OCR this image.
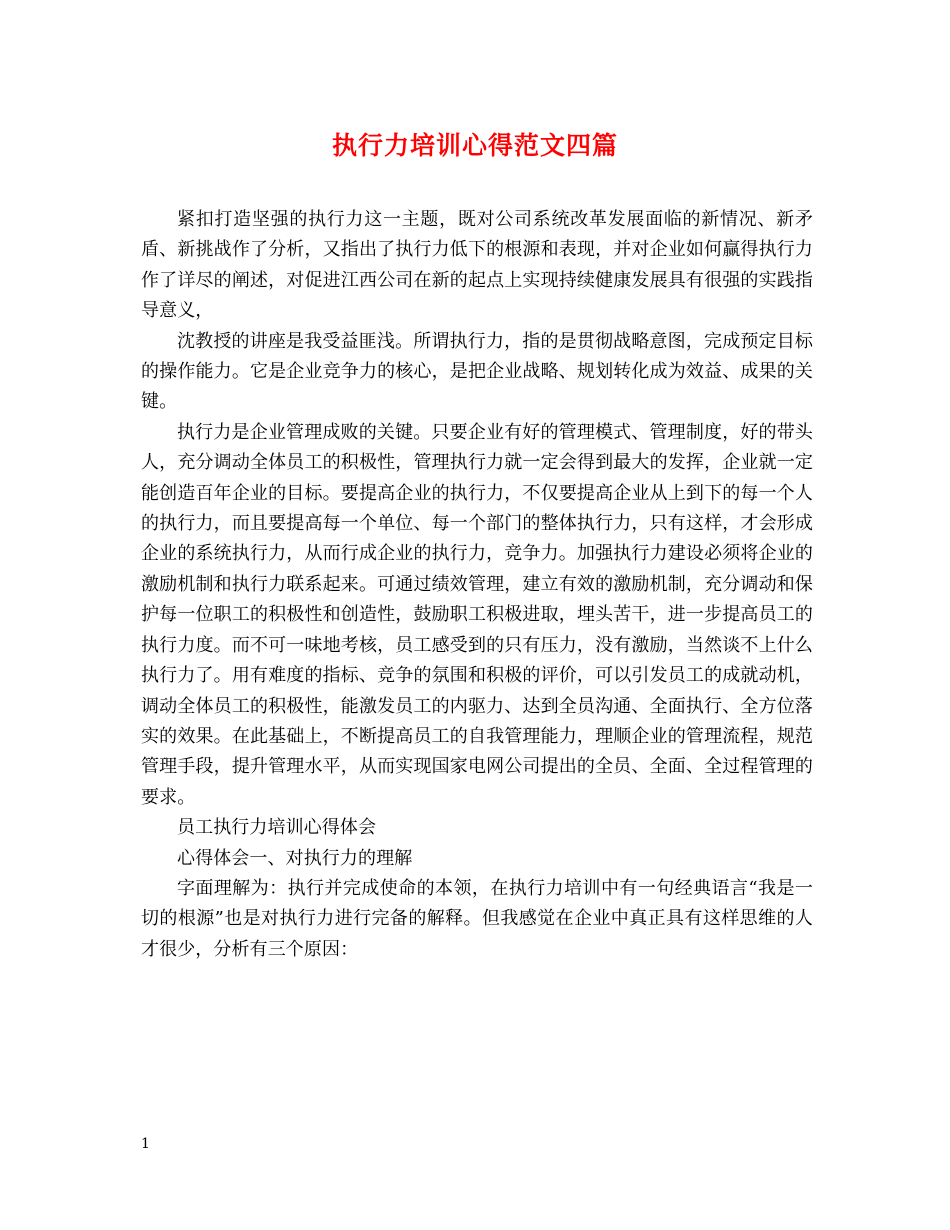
执行力培训心得范文四篇

紧扣打造坚强的执行力这一主题，既对公司系统改革发展面临的新情况、新矛盾、新挑战作了分析，又指出了执行力低下的根源和表现，并对企业如何赢得执行力作了详尽的阐述，对促进江西公司在新的起点上实现持续健康发展具有很强的实践指导意义，

沈教授的讲座是我受益匪浅。所谓执行力，指的是贯彻战略意图，完成预定目标的操作能力。它是企业竞争力的核心，是把企业战略、规划转化成为效益、成果的关键。

执行力是企业管理成败的关键。只要企业有好的管理模式、管理制度，好的带头人，充分调动全体员工的积极性，管理执行力就一定会得到最大的发挥，企业就一定能创造百年企业的目标。要提高企业的执行力，不仅要提高企业从上到下的每一个人的执行力，而且要提高每一个单位、每一个部门的整体执行力，只有这样，才会形成企业的系统执行力，从而行成企业的执行力，竞争力。加强执行力建设必须将企业的激励机制和执行力联系起来。可通过绩效管理，建立有效的激励机制，充分调动和保护每一位职工的积极性和创造性，鼓励职工积极进取，埋头苦干，进一步提高员工的执行力度。而不可一味地考核，员工感受到的只有压力，没有激励，当然谈不上什么执行力了。用有难度的指标、竞争的氛围和积极的评价，可以引发员工的成就动机，调动全体员工的积极性，能激发员工的内驱力、达到全员沟通、全面执行、全方位落实的效果。在此基础上，不断提高员工的自我管理能力，理顺企业的管理流程，规范管理手段，提升管理水平，从而实现国家电网公司提出的全员、全面、全过程管理的要求。

员工执行力培训心得体会

心得体会一、对执行力的理解

字面理解为：执行并完成使命的本领，在执行力培训中有一句经典语言“我是一切的根源”也是对执行力进行完备的解释。但我感觉在企业中真正具有这样思维的人才很少，分析有三个原因：

1
